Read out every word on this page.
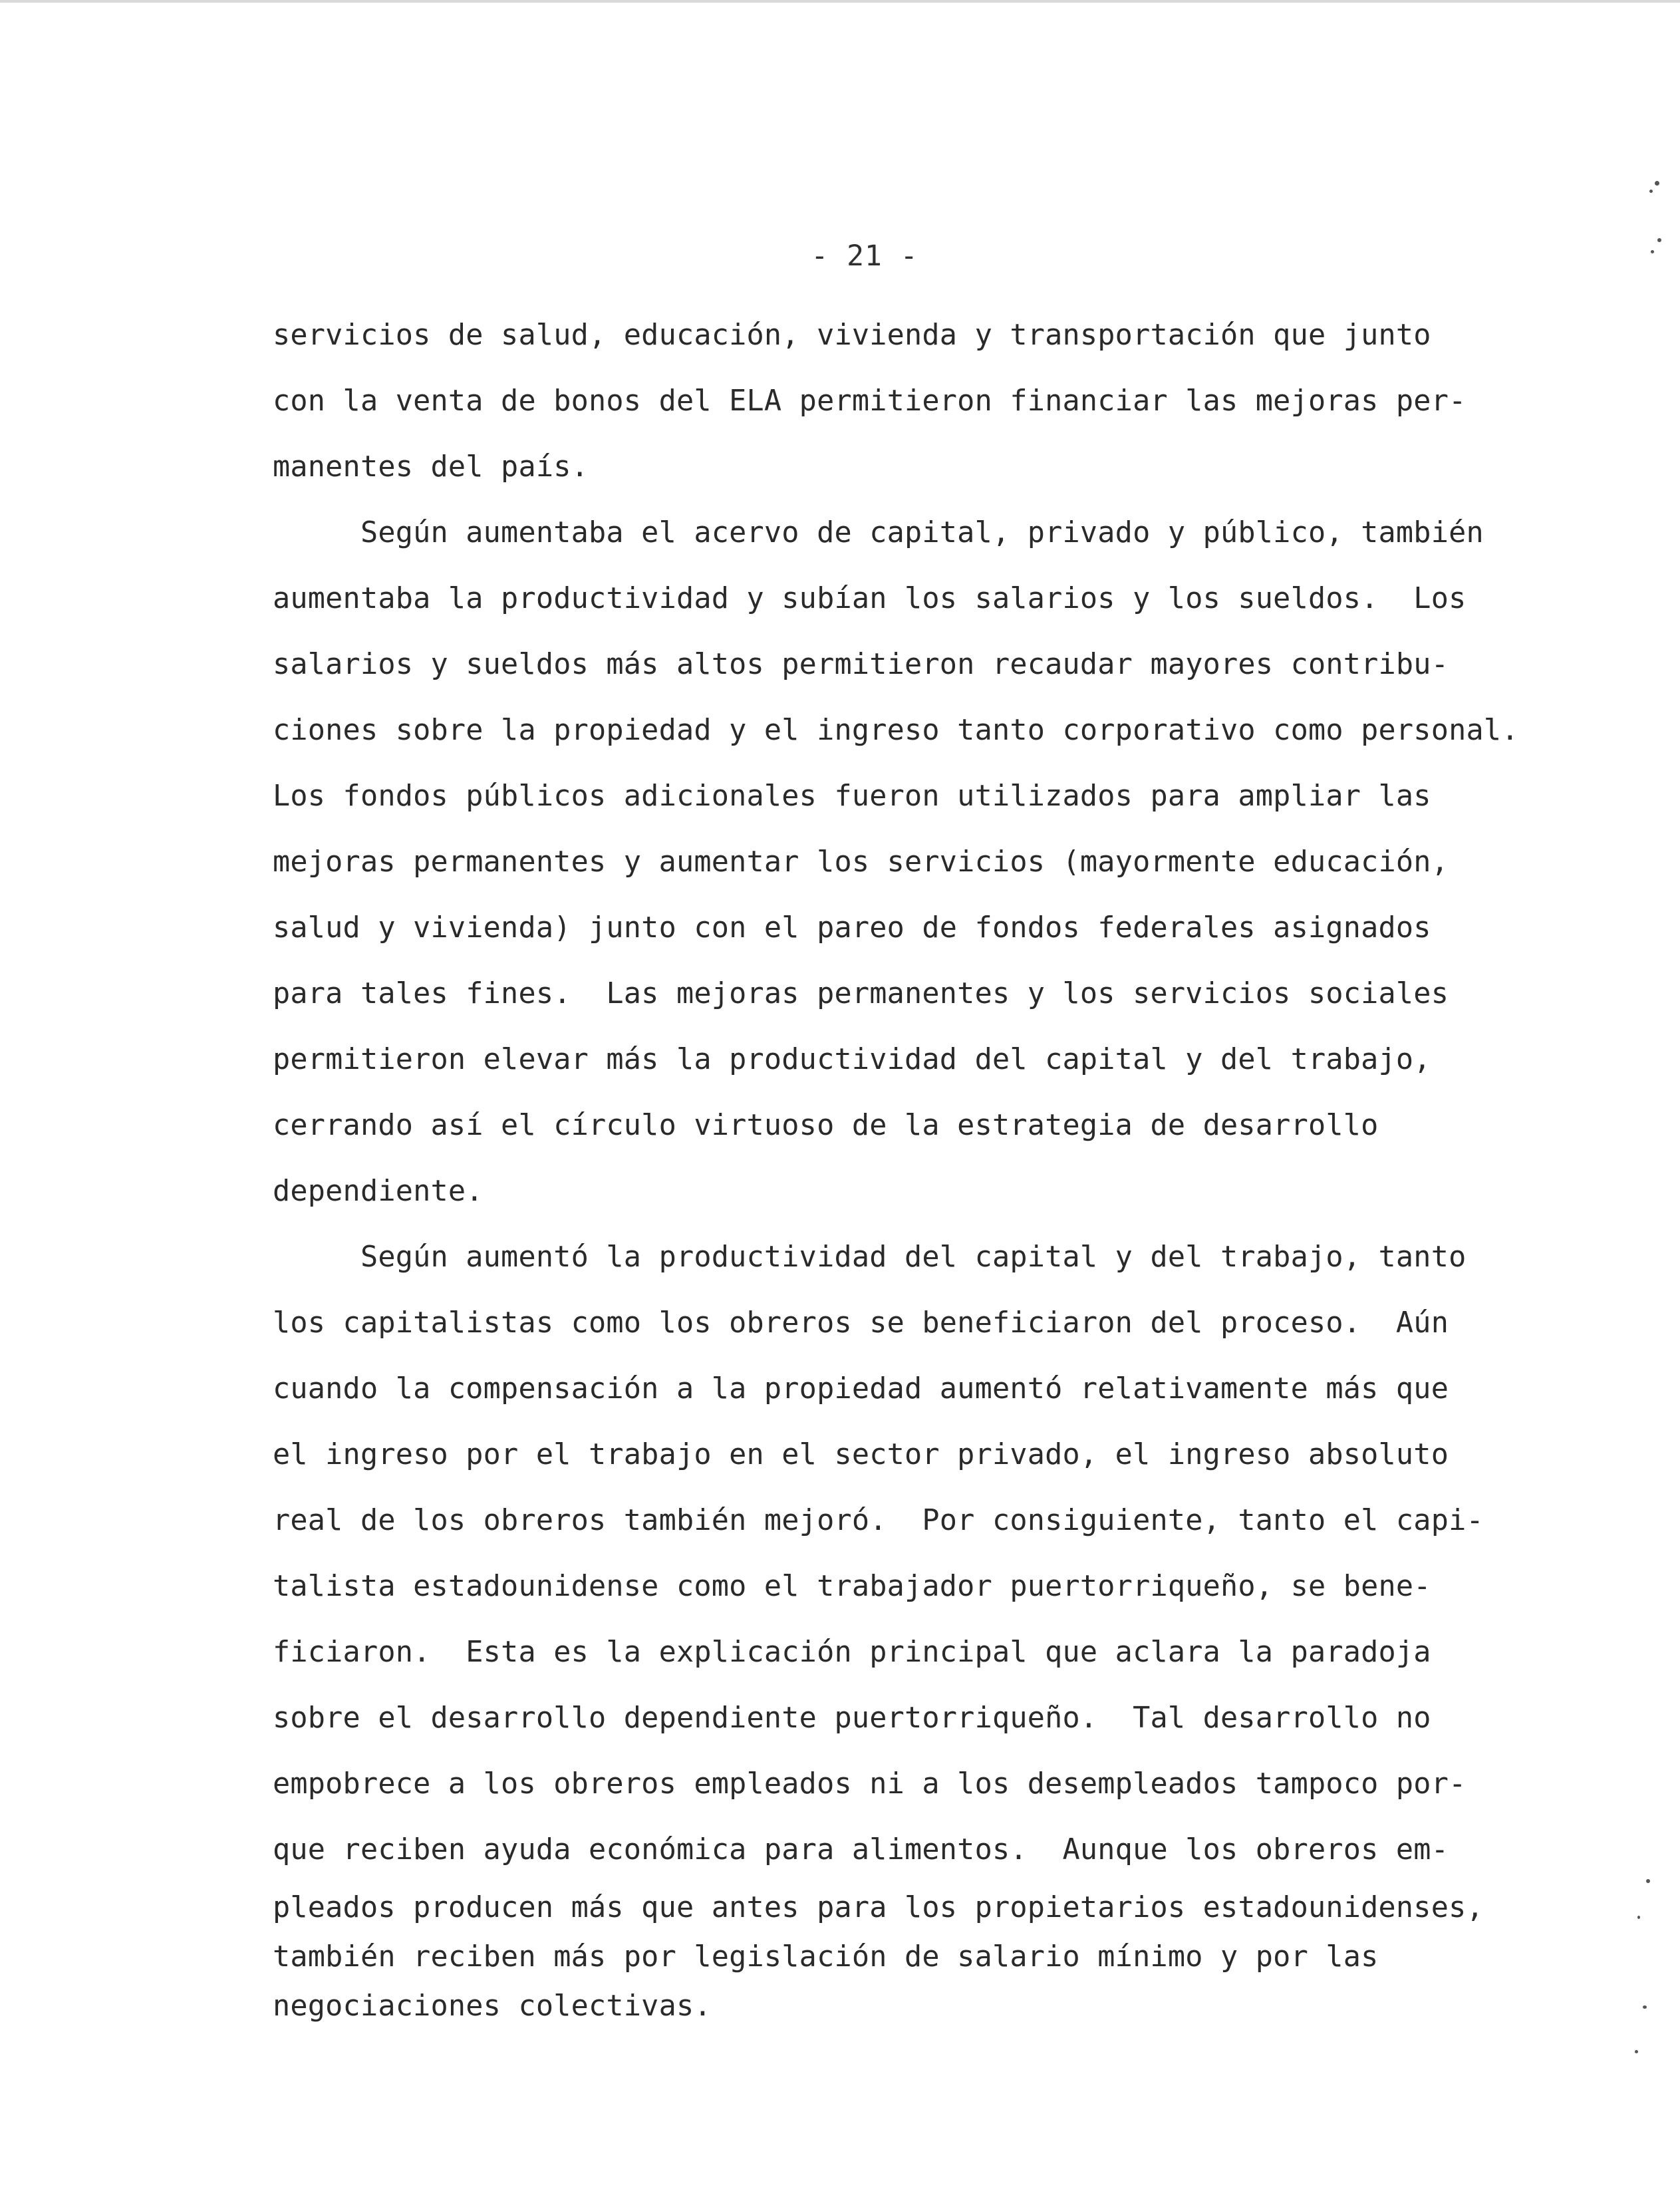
- 21 -
servicios de salud, educación, vivienda y transportación que junto
con la venta de bonos del ELA permitieron financiar las mejoras per-
manentes del país.
Según aumentaba el acervo de capital, privado y público, también
aumentaba la productividad y subían los salarios y los sueldos.  Los
salarios y sueldos más altos permitieron recaudar mayores contribu-
ciones sobre la propiedad y el ingreso tanto corporativo como personal.
Los fondos públicos adicionales fueron utilizados para ampliar las
mejoras permanentes y aumentar los servicios (mayormente educación,
salud y vivienda) junto con el pareo de fondos federales asignados
para tales fines.  Las mejoras permanentes y los servicios sociales
permitieron elevar más la productividad del capital y del trabajo,
cerrando así el círculo virtuoso de la estrategia de desarrollo
dependiente.
Según aumentó la productividad del capital y del trabajo, tanto
los capitalistas como los obreros se beneficiaron del proceso.  Aún
cuando la compensación a la propiedad aumentó relativamente más que
el ingreso por el trabajo en el sector privado, el ingreso absoluto
real de los obreros también mejoró.  Por consiguiente, tanto el capi-
talista estadounidense como el trabajador puertorriqueño, se bene-
ficiaron.  Esta es la explicación principal que aclara la paradoja
sobre el desarrollo dependiente puertorriqueño.  Tal desarrollo no
empobrece a los obreros empleados ni a los desempleados tampoco por-
que reciben ayuda económica para alimentos.  Aunque los obreros em-
pleados producen más que antes para los propietarios estadounidenses,
también reciben más por legislación de salario mínimo y por las
negociaciones colectivas.
